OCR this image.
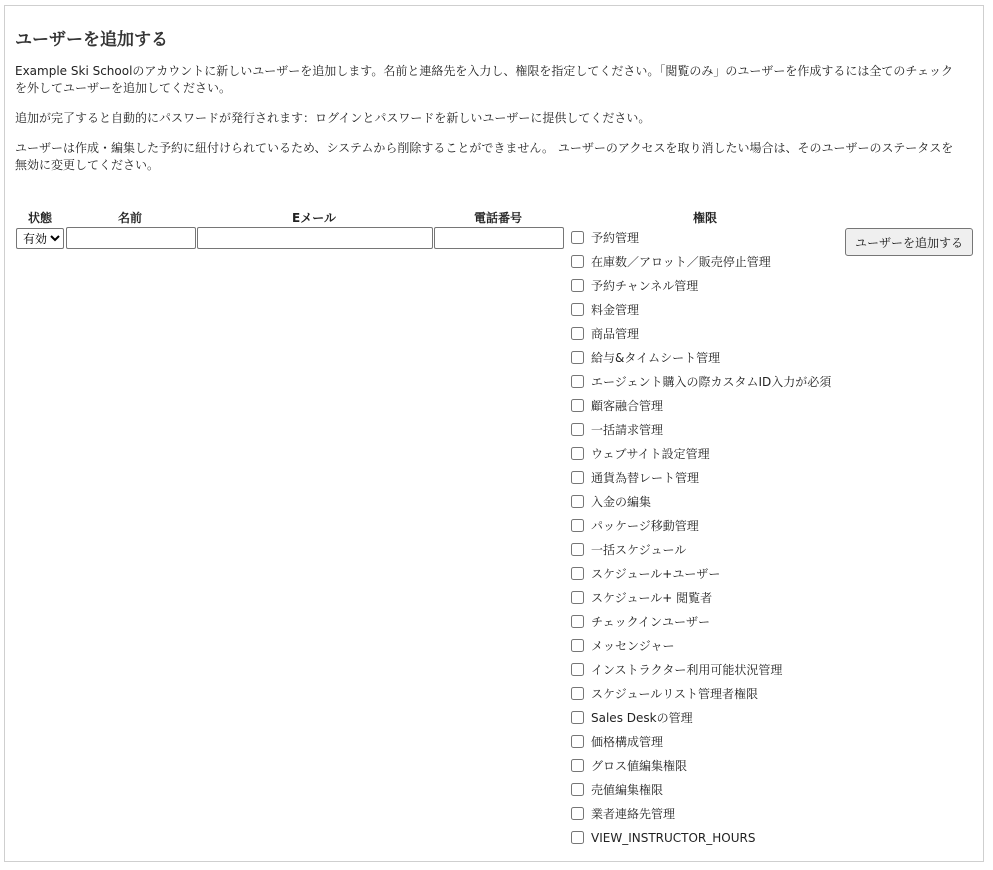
ユーザーを追加する

Example Ski Schoolのアカウントに新しいユーザーを追加します。名前と連絡先を入力し、権限を指定してください。「閲覧のみ」のユーザーを作成するには全てのチェックを外してユーザーを追加してください。

追加が完了すると自動的にパスワードが発行されます：ログインとパスワードを新しいユーザーに提供してください。

ユーザーは作成・編集した予約に紐付けられているため、システムから削除することができません。 ユーザーのアクセスを取り消したい場合は、そのユーザーのステータスを無効に変更してください。

状態	名前	Eメール	電話番号	権限
有効
予約管理
在庫数／アロット／販売停止管理
予約チャンネル管理
料金管理
商品管理
給与&タイムシート管理
エージェント購入の際カスタムID入力が必須
顧客融合管理
一括請求管理
ウェブサイト設定管理
通貨為替レート管理
入金の編集
パッケージ移動管理
一括スケジュール
スケジュール+ユーザー
スケジュール+ 閲覧者
チェックインユーザー
メッセンジャー
インストラクター利用可能状況管理
スケジュールリスト管理者権限
Sales Deskの管理
価格構成管理
グロス値編集権限
売値編集権限
業者連絡先管理
VIEW_INSTRUCTOR_HOURS
ユーザーを追加する
